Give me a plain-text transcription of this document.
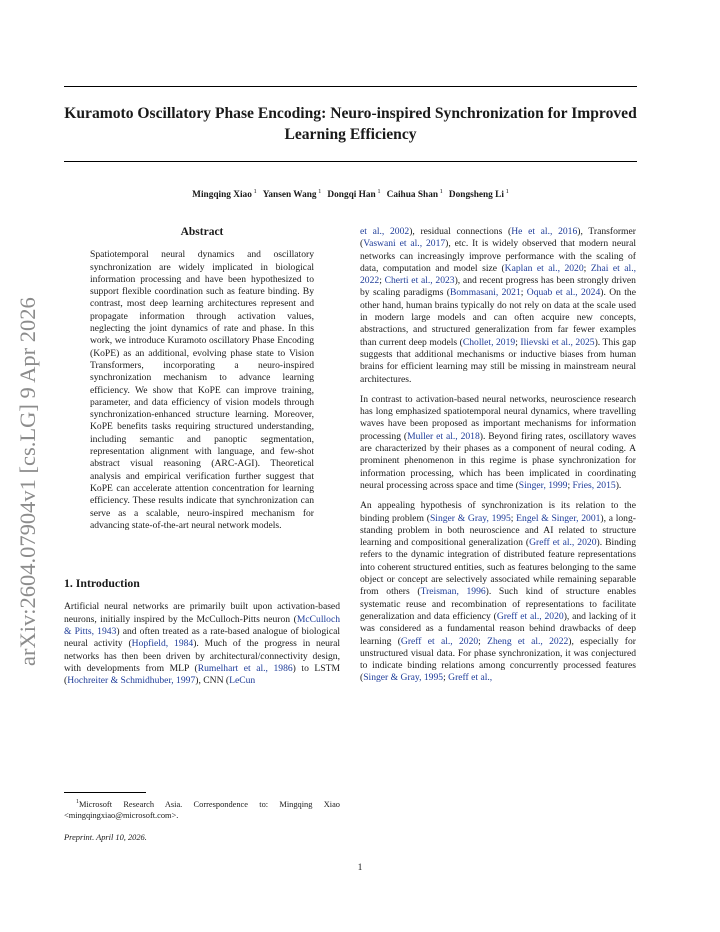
arXiv:2604.07904v1 [cs.LG] 9 Apr 2026
Kuramoto Oscillatory Phase Encoding: Neuro-inspired Synchronization for Improved Learning Efficiency
Mingqing Xiao $^1$ Yansen Wang $^1$ Dongqi Han $^1$ Caihua Shan $^1$ Dongsheng Li $^1$
Abstract
Spatiotemporal neural dynamics and oscillatory synchronization are widely implicated in biological information processing and have been hypothesized to support flexible coordination such as feature binding. By contrast, most deep learning architectures represent and propagate information through activation values, neglecting the joint dynamics of rate and phase. In this work, we introduce Kuramoto oscillatory Phase Encoding (KoPE) as an additional, evolving phase state to Vision Transformers, incorporating a neuro-inspired synchronization mechanism to advance learning efficiency. We show that KoPE can improve training, parameter, and data efficiency of vision models through synchronization-enhanced structure learning. Moreover, KoPE benefits tasks requiring structured understanding, including semantic and panoptic segmentation, representation alignment with language, and few-shot abstract visual reasoning (ARC-AGI). Theoretical analysis and empirical verification further suggest that KoPE can accelerate attention concentration for learning efficiency. These results indicate that synchronization can serve as a scalable, neuro-inspired mechanism for advancing state-of-the-art neural network models.
1. Introduction
Artificial neural networks are primarily built upon activation-based neurons, initially inspired by the McCulloch-Pitts neuron (McCulloch & Pitts, 1943) and often treated as a rate-based analogue of biological neural activity (Hopfield, 1984). Much of the progress in neural networks has then been driven by architectural/connectivity design, with developments from MLP (Rumelhart et al., 1986) to LSTM (Hochreiter & Schmidhuber, 1997), CNN (LeCun
et al., 2002), residual connections (He et al., 2016), Transformer (Vaswani et al., 2017), etc. It is widely observed that modern neural networks can increasingly improve performance with the scaling of data, computation and model size (Kaplan et al., 2020; Zhai et al., 2022; Cherti et al., 2023), and recent progress has been strongly driven by scaling paradigms (Bommasani, 2021; Oquab et al., 2024). On the other hand, human brains typically do not rely on data at the scale used in modern large models and can often acquire new concepts, abstractions, and structured generalization from far fewer examples than current deep models (Chollet, 2019; Ilievski et al., 2025). This gap suggests that additional mechanisms or inductive biases from human brains for efficient learning may still be missing in mainstream neural architectures.
In contrast to activation-based neural networks, neuroscience research has long emphasized spatiotemporal neural dynamics, where travelling waves have been proposed as important mechanisms for information processing (Muller et al., 2018). Beyond firing rates, oscillatory waves are characterized by their phases as a component of neural coding. A prominent phenomenon in this regime is phase synchronization for information processing, which has been implicated in coordinating neural processing across space and time (Singer, 1999; Fries, 2015).
An appealing hypothesis of synchronization is its relation to the binding problem (Singer & Gray, 1995; Engel & Singer, 2001), a long-standing problem in both neuroscience and AI related to structure learning and compositional generalization (Greff et al., 2020). Binding refers to the dynamic integration of distributed feature representations into coherent structured entities, such as features belonging to the same object or concept are selectively associated while remaining separable from others (Treisman, 1996). Such kind of structure enables systematic reuse and recombination of representations to facilitate generalization and data efficiency (Greff et al., 2020), and lacking of it was considered as a fundamental reason behind drawbacks of deep learning (Greff et al., 2020; Zheng et al., 2022), especially for unstructured visual data. For phase synchronization, it was conjectured to indicate binding relations among concurrently processed features (Singer & Gray, 1995; Greff et al.,
$^1$Microsoft Research Asia. Correspondence to: Mingqing Xiao <mingqingxiao@microsoft.com>.
Preprint. April 10, 2026.
1
